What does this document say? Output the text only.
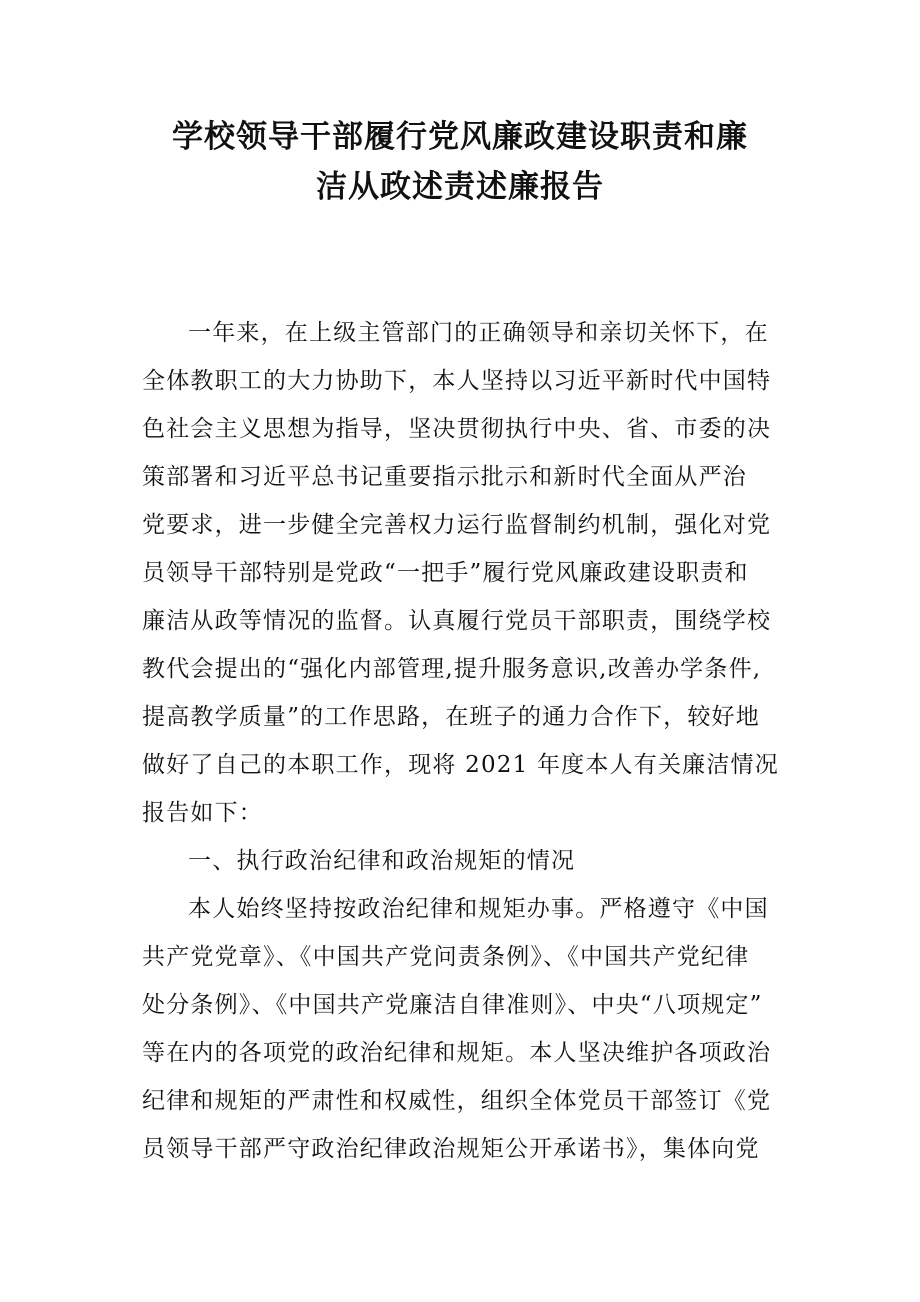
学校领导干部履行党风廉政建设职责和廉
洁从政述责述廉报告
一年来，在上级主管部门的正确领导和亲切关怀下，在
全体教职工的大力协助下，本人坚持以习近平新时代中国特
色社会主义思想为指导，坚决贯彻执行中央、省、市委的决
策部署和习近平总书记重要指示批示和新时代全面从严治
党要求，进一步健全完善权力运行监督制约机制，强化对党
员领导干部特别是党政“一把手”履行党风廉政建设职责和
廉洁从政等情况的监督。认真履行党员干部职责，围绕学校
教代会提出的“强化内部管理,提升服务意识,改善办学条件,
提高教学质量”的工作思路，在班子的通力合作下，较好地
做好了自己的本职工作，现将 2021 年度本人有关廉洁情况
报告如下：
一、执行政治纪律和政治规矩的情况
本人始终坚持按政治纪律和规矩办事。严格遵守《中国
共产党党章》、《中国共产党问责条例》、《中国共产党纪律
处分条例》、《中国共产党廉洁自律准则》、中央“八项规定”
等在内的各项党的政治纪律和规矩。本人坚决维护各项政治
纪律和规矩的严肃性和权威性，组织全体党员干部签订《党
员领导干部严守政治纪律政治规矩公开承诺书》，集体向党
